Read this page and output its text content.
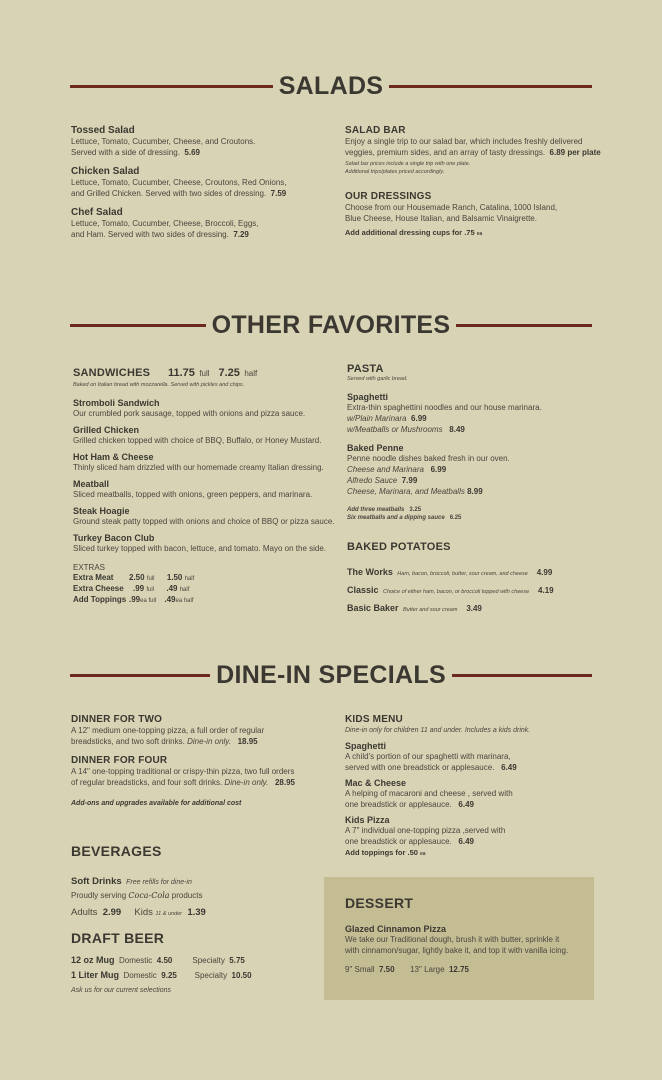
SALADS
Tossed Salad
Lettuce, Tomato, Cucumber, Cheese, and Croutons.
Served with a side of dressing. 5.69
Chicken Salad
Lettuce, Tomato, Cucumber, Cheese, Croutons, Red Onions,
and Grilled Chicken. Served with two sides of dressing. 7.59
Chef Salad
Lettuce, Tomato, Cucumber, Cheese, Broccoli, Eggs,
and Ham. Served with two sides of dressing. 7.29
SALAD BAR
Enjoy a single trip to our salad bar, which includes freshly delivered
veggies, premium sides, and an array of tasty dressings. 6.89 per plate
Salad bar prices include a single trip with one plate.
Additional trips/plates priced accordingly.
OUR DRESSINGS
Choose from our Housemade Ranch, Catalina, 1000 Island,
Blue Cheese, House Italian, and Balsamic Vinaigrette.
Add additional dressing cups for .75 ea
OTHER FAVORITES
SANDWICHES 11.75 full 7.25 half
Baked on Italian bread with mozzarella. Served with pickles and chips.
Stromboli Sandwich
Our crumbled pork sausage, topped with onions and pizza sauce.
Grilled Chicken
Grilled chicken topped with choice of BBQ, Buffalo, or Honey Mustard.
Hot Ham & Cheese
Thinly sliced ham drizzled with our homemade creamy Italian dressing.
Meatball
Sliced meatballs, topped with onions, green peppers, and marinara.
Steak Hoagie
Ground steak patty topped with onions and choice of BBQ or pizza sauce.
Turkey Bacon Club
Sliced turkey topped with bacon, lettuce, and tomato. Mayo on the side.
EXTRAS
Extra Meat 2.50 full 1.50 half
Extra Cheese .99 full .49 half
Add Toppings .99ea full .49ea half
PASTA
Served with garlic bread.
Spaghetti
Extra-thin spaghettini noodles and our house marinara.
w/Plain Marinara 6.99
w/Meatballs or Mushrooms 8.49
Baked Penne
Penne noodle dishes baked fresh in our oven.
Cheese and Marinara 6.99
Alfredo Sauce 7.99
Cheese, Marinara, and Meatballs 8.99
Add three meatballs 3.25
Six meatballs and a dipping sauce 6.25
BAKED POTATOES
The Works Ham, bacon, broccoli, butter, sour cream, and cheese 4.99
Classic Choice of either ham, bacon, or broccoli topped with cheese 4.19
Basic Baker Butter and sour cream 3.49
DINE-IN SPECIALS
DINNER FOR TWO
A 12" medium one-topping pizza, a full order of regular
breadsticks, and two soft drinks. Dine-in only. 18.95
DINNER FOR FOUR
A 14" one-topping traditional or crispy-thin pizza, two full orders
of regular breadsticks, and four soft drinks. Dine-in only. 28.95
Add-ons and upgrades available for additional cost
KIDS MENU
Dine-in only for children 11 and under. Includes a kids drink.
Spaghetti
A child's portion of our spaghetti with marinara,
served with one breadstick or applesauce. 6.49
Mac & Cheese
A helping of macaroni and cheese , served with
one breadstick or applesauce. 6.49
Kids Pizza
A 7" individual one-topping pizza ,served with
one breadstick or applesauce. 6.49
Add toppings for .50 ea
BEVERAGES
Soft Drinks Free refills for dine-in
Proudly serving Coca-Cola products
Adults 2.99 Kids 11 & under 1.39
DRAFT BEER
12 oz Mug Domestic 4.50	Specialty 5.75
1 Liter Mug Domestic 9.25 Specialty 10.50
Ask us for our current selections
DESSERT
Glazed Cinnamon Pizza
We take our Traditional dough, brush it with butter, sprinkle it
with cinnamon/sugar, lightly bake it, and top it with vanilla icing.
9" Small 7.50 13" Large 12.75
